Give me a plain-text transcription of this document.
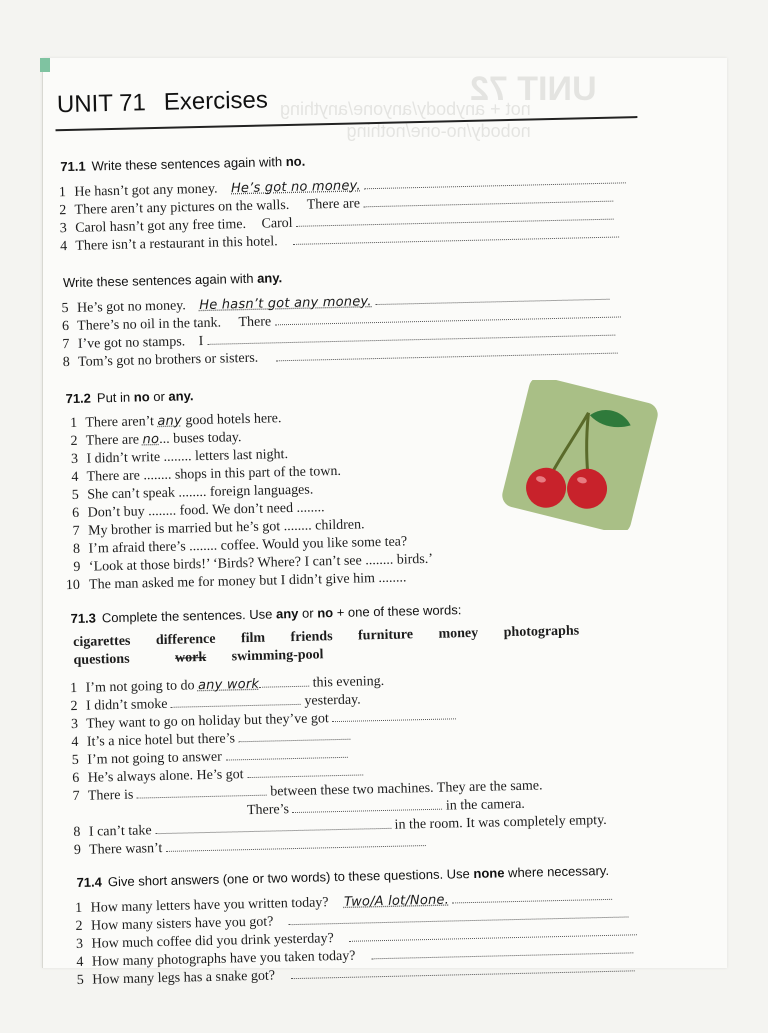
UNIT 72
not + anybody/anyone/anything
nobody/no-one/nothing
UNIT 71 Exercises
71.1 Write these sentences again with no.
1 He hasn’t got any money. He’s got no money.
2 There aren’t any pictures on the walls. There are
3 Carol hasn’t got any free time. Carol
4 There isn’t a restaurant in this hotel.
Write these sentences again with any.
5 He’s got no money. He hasn’t got any money.
6 There’s no oil in the tank. There
7 I’ve got no stamps. I
8 Tom’s got no brothers or sisters.
71.2 Put in no or any.
1 There aren’t any good hotels here.
2 There are no... buses today.
3 I didn’t write ........ letters last night.
4 There are ........ shops in this part of the town.
5 She can’t speak ........ foreign languages.
6 Don’t buy ........ food. We don’t need ........
7 My brother is married but he’s got ........ children.
8 I’m afraid there’s ........ coffee. Would you like some tea?
9 ‘Look at those birds!’ ‘Birds? Where? I can’t see ........ birds.’
10 The man asked me for money but I didn’t give him ........
71.3 Complete the sentences. Use any or no + one of these words:
cigarettes difference film friends furniture money photographs
questions	work swimming-pool
1 I’m not going to do any work	this evening.
2 I didn’t smoke	yesterday.
3 They want to go on holiday but they’ve got
4 It’s a nice hotel but there’s
5 I’m not going to answer
6 He’s always alone. He’s got
7 There is	between these two machines. They are the same.
There’s	in the camera.
8 I can’t take	in the room. It was completely empty.
9 There wasn’t
71.4 Give short answers (one or two words) to these questions. Use none where necessary.
1 How many letters have you written today? Two/A lot/None.
2 How many sisters have you got?
3 How much coffee did you drink yesterday?
4 How many photographs have you taken today?
5 How many legs has a snake got?
